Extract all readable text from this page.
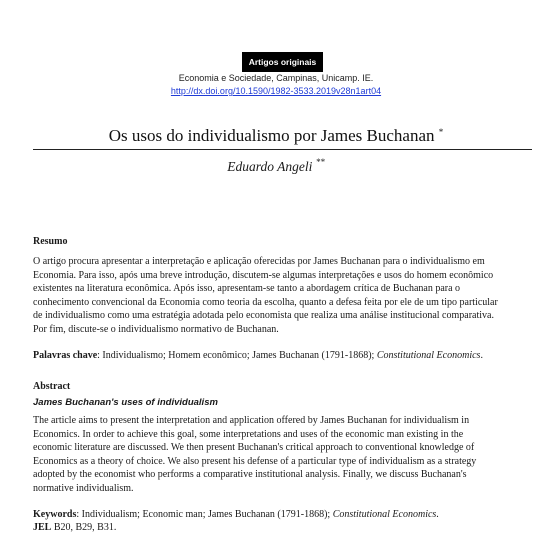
Artigos originais
Economia e Sociedade, Campinas, Unicamp. IE.
http://dx.doi.org/10.1590/1982-3533.2019v28n1art04
Os usos do individualismo por James Buchanan *
Eduardo Angeli **
Resumo
O artigo procura apresentar a interpretação e aplicação oferecidas por James Buchanan para o individualismo em
Economia. Para isso, após uma breve introdução, discutem-se algumas interpretações e usos do homem econômico
existentes na literatura econômica. Após isso, apresentam-se tanto a abordagem crítica de Buchanan para o
conhecimento convencional da Economia como teoria da escolha, quanto a defesa feita por ele de um tipo particular
de individualismo como uma estratégia adotada pelo economista que realiza uma análise institucional comparativa.
Por fim, discute-se o individualismo normativo de Buchanan.
Palavras chave: Individualismo; Homem econômico; James Buchanan (1791-1868); Constitutional Economics.
Abstract
James Buchanan's uses of individualism
The article aims to present the interpretation and application offered by James Buchanan for individualism in
Economics. In order to achieve this goal, some interpretations and uses of the economic man existing in the
economic literature are discussed. We then present Buchanan's critical approach to conventional knowledge of
Economics as a theory of choice. We also present his defense of a particular type of individualism as a strategy
adopted by the economist who performs a comparative institutional analysis. Finally, we discuss Buchanan's
normative individualism.
Keywords: Individualism; Economic man; James Buchanan (1791-1868); Constitutional Economics.
JEL B20, B29, B31.
